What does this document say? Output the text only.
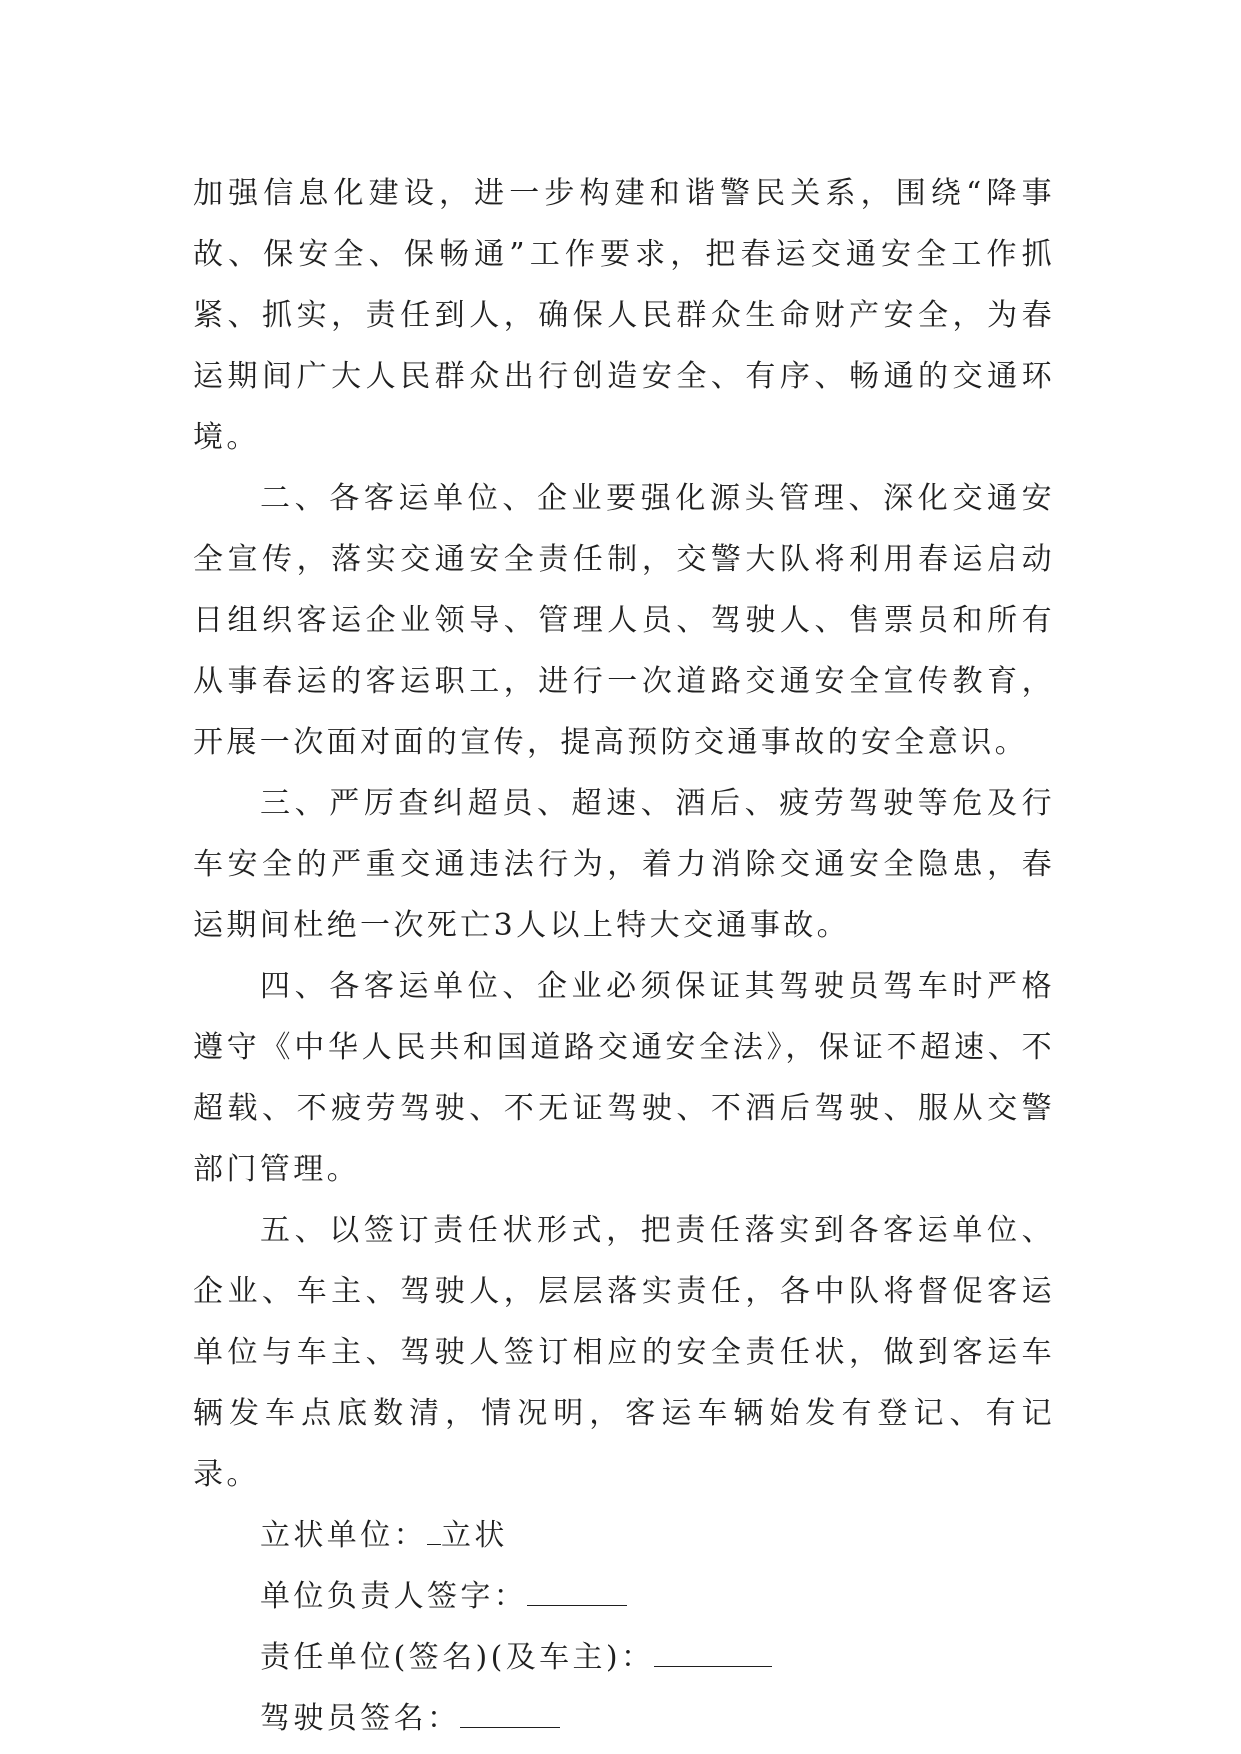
加强信息化建设，进一步构建和谐警民关系，围绕“降事故、保安全、保畅通”工作要求，把春运交通安全工作抓紧、抓实，责任到人，确保人民群众生命财产安全，为春运期间广大人民群众出行创造安全、有序、畅通的交通环境。

二、各客运单位、企业要强化源头管理、深化交通安全宣传，落实交通安全责任制，交警大队将利用春运启动日组织客运企业领导、管理人员、驾驶人、售票员和所有从事春运的客运职工，进行一次道路交通安全宣传教育，开展一次面对面的宣传，提高预防交通事故的安全意识。

三、严厉查纠超员、超速、酒后、疲劳驾驶等危及行车安全的严重交通违法行为，着力消除交通安全隐患，春运期间杜绝一次死亡3人以上特大交通事故。

四、各客运单位、企业必须保证其驾驶员驾车时严格遵守《中华人民共和国道路交通安全法》，保证不超速、不超载、不疲劳驾驶、不无证驾驶、不酒后驾驶、服从交警部门管理。

五、以签订责任状形式，把责任落实到各客运单位、企业、车主、驾驶人，层层落实责任，各中队将督促客运单位与车主、驾驶人签订相应的安全责任状，做到客运车辆发车点底数清，情况明，客运车辆始发有登记、有记录。

立状单位： 立状

单位负责人签字：

责任单位(签名)(及车主)：

驾驶员签名：
